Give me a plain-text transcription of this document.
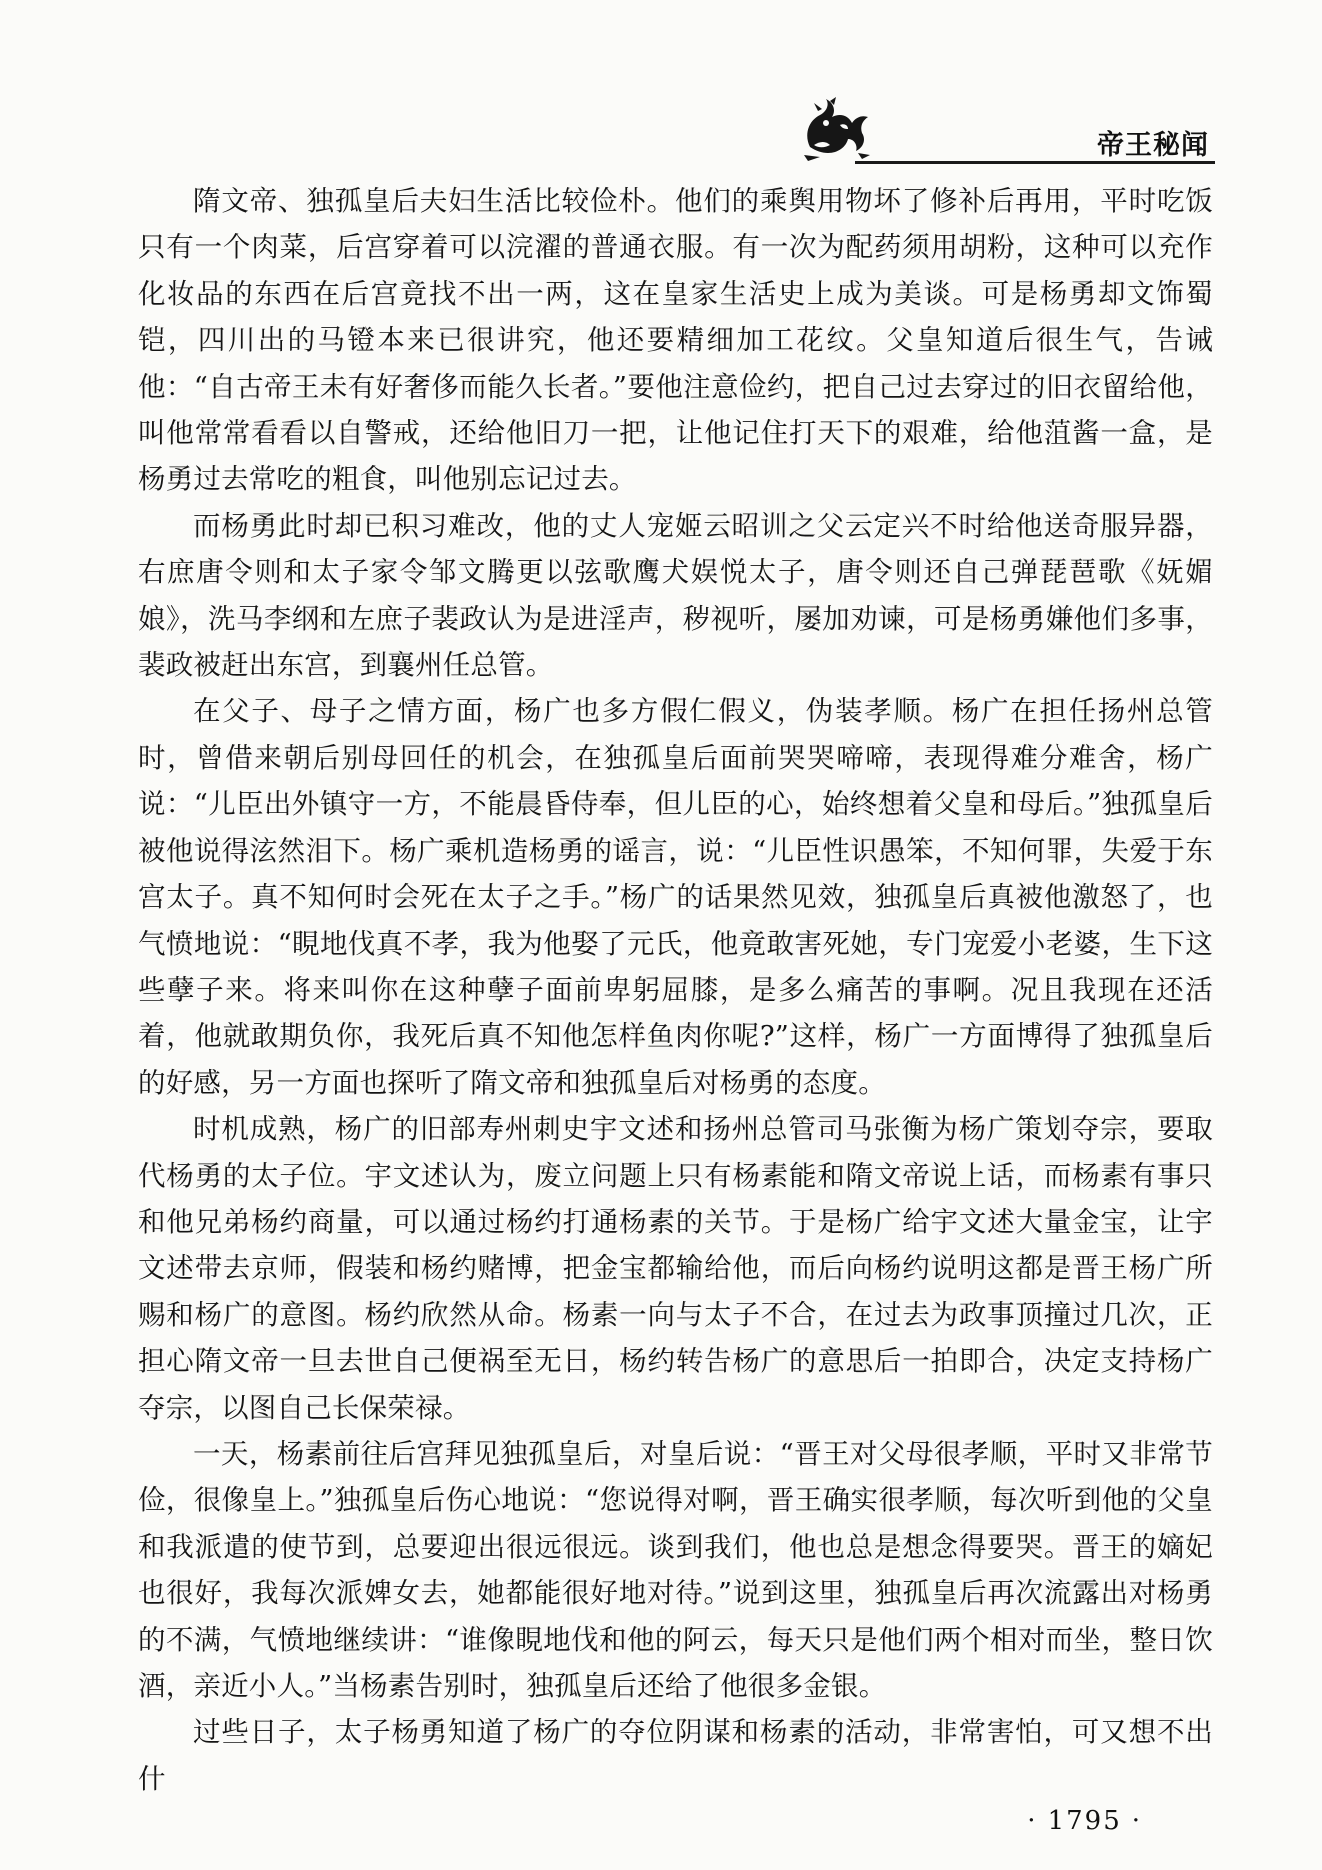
帝王秘闻

隋文帝、独孤皇后夫妇生活比较俭朴。他们的乘舆用物坏了修补后再用，平时吃饭只有一个肉菜，后宫穿着可以浣濯的普通衣服。有一次为配药须用胡粉，这种可以充作化妆品的东西在后宫竟找不出一两，这在皇家生活史上成为美谈。可是杨勇却文饰蜀铠，四川出的马镫本来已很讲究，他还要精细加工花纹。父皇知道后很生气，告诫他：“自古帝王未有好奢侈而能久长者。”要他注意俭约，把自己过去穿过的旧衣留给他，叫他常常看看以自警戒，还给他旧刀一把，让他记住打天下的艰难，给他菹酱一盒，是杨勇过去常吃的粗食，叫他别忘记过去。

而杨勇此时却已积习难改，他的丈人宠姬云昭训之父云定兴不时给他送奇服异器，右庶唐令则和太子家令邹文腾更以弦歌鹰犬娱悦太子，唐令则还自己弹琵琶歌《妩媚娘》，洗马李纲和左庶子裴政认为是进淫声，秽视听，屡加劝谏，可是杨勇嫌他们多事，裴政被赶出东宫，到襄州任总管。

在父子、母子之情方面，杨广也多方假仁假义，伪装孝顺。杨广在担任扬州总管时，曾借来朝后别母回任的机会，在独孤皇后面前哭哭啼啼，表现得难分难舍，杨广说：“儿臣出外镇守一方，不能晨昏侍奉，但儿臣的心，始终想着父皇和母后。”独孤皇后被他说得泫然泪下。杨广乘机造杨勇的谣言，说：“儿臣性识愚笨，不知何罪，失爱于东宫太子。真不知何时会死在太子之手。”杨广的话果然见效，独孤皇后真被他激怒了，也气愤地说：“睍地伐真不孝，我为他娶了元氏，他竟敢害死她，专门宠爱小老婆，生下这些孽子来。将来叫你在这种孽子面前卑躬屈膝，是多么痛苦的事啊。况且我现在还活着，他就敢期负你，我死后真不知他怎样鱼肉你呢?”这样，杨广一方面博得了独孤皇后的好感，另一方面也探听了隋文帝和独孤皇后对杨勇的态度。

时机成熟，杨广的旧部寿州刺史宇文述和扬州总管司马张衡为杨广策划夺宗，要取代杨勇的太子位。宇文述认为，废立问题上只有杨素能和隋文帝说上话，而杨素有事只和他兄弟杨约商量，可以通过杨约打通杨素的关节。于是杨广给宇文述大量金宝，让宇文述带去京师，假装和杨约赌博，把金宝都输给他，而后向杨约说明这都是晋王杨广所赐和杨广的意图。杨约欣然从命。杨素一向与太子不合，在过去为政事顶撞过几次，正担心隋文帝一旦去世自己便祸至无日，杨约转告杨广的意思后一拍即合，决定支持杨广夺宗，以图自己长保荣禄。

一天，杨素前往后宫拜见独孤皇后，对皇后说：“晋王对父母很孝顺，平时又非常节俭，很像皇上。”独孤皇后伤心地说：“您说得对啊，晋王确实很孝顺，每次听到他的父皇和我派遣的使节到，总要迎出很远很远。谈到我们，他也总是想念得要哭。晋王的嫡妃也很好，我每次派婢女去，她都能很好地对待。”说到这里，独孤皇后再次流露出对杨勇的不满，气愤地继续讲：“谁像睍地伐和他的阿云，每天只是他们两个相对而坐，整日饮酒，亲近小人。”当杨素告别时，独孤皇后还给了他很多金银。

过些日子，太子杨勇知道了杨广的夺位阴谋和杨素的活动，非常害怕，可又想不出什

· 1795 ·
